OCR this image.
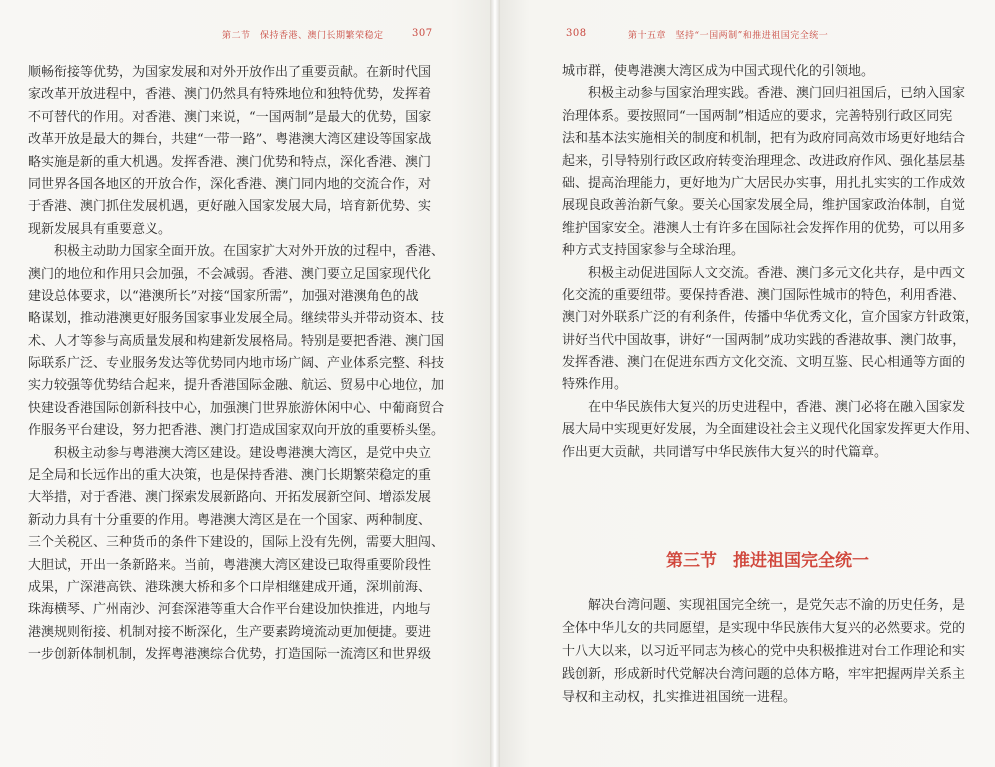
第二节　保持香港、澳门长期繁荣稳定	307
顺畅衔接等优势，为国家发展和对外开放作出了重要贡献。在新时代国
家改革开放进程中，香港、澳门仍然具有特殊地位和独特优势，发挥着
不可替代的作用。对香港、澳门来说，“一国两制”是最大的优势，国家
改革开放是最大的舞台，共建“一带一路”、粤港澳大湾区建设等国家战
略实施是新的重大机遇。发挥香港、澳门优势和特点，深化香港、澳门
同世界各国各地区的开放合作，深化香港、澳门同内地的交流合作，对
于香港、澳门抓住发展机遇，更好融入国家发展大局，培育新优势、实
现新发展具有重要意义。
积极主动助力国家全面开放。在国家扩大对外开放的过程中，香港、
澳门的地位和作用只会加强，不会减弱。香港、澳门要立足国家现代化
建设总体要求，以“港澳所长”对接“国家所需”，加强对港澳角色的战
略谋划，推动港澳更好服务国家事业发展全局。继续带头并带动资本、技
术、人才等参与高质量发展和构建新发展格局。特别是要把香港、澳门国
际联系广泛、专业服务发达等优势同内地市场广阔、产业体系完整、科技
实力较强等优势结合起来，提升香港国际金融、航运、贸易中心地位，加
快建设香港国际创新科技中心，加强澳门世界旅游休闲中心、中葡商贸合
作服务平台建设，努力把香港、澳门打造成国家双向开放的重要桥头堡。
积极主动参与粤港澳大湾区建设。建设粤港澳大湾区，是党中央立
足全局和长远作出的重大决策，也是保持香港、澳门长期繁荣稳定的重
大举措，对于香港、澳门探索发展新路向、开拓发展新空间、增添发展
新动力具有十分重要的作用。粤港澳大湾区是在一个国家、两种制度、
三个关税区、三种货币的条件下建设的，国际上没有先例，需要大胆闯、
大胆试，开出一条新路来。当前，粤港澳大湾区建设已取得重要阶段性
成果，广深港高铁、港珠澳大桥和多个口岸相继建成开通，深圳前海、
珠海横琴、广州南沙、河套深港等重大合作平台建设加快推进，内地与
港澳规则衔接、机制对接不断深化，生产要素跨境流动更加便捷。要进
一步创新体制机制，发挥粤港澳综合优势，打造国际一流湾区和世界级
308	第十五章　坚持“一国两制”和推进祖国完全统一
城市群，使粤港澳大湾区成为中国式现代化的引领地。
积极主动参与国家治理实践。香港、澳门回归祖国后，已纳入国家
治理体系。要按照同“一国两制”相适应的要求，完善特别行政区同宪
法和基本法实施相关的制度和机制，把有为政府同高效市场更好地结合
起来，引导特别行政区政府转变治理理念、改进政府作风、强化基层基
础、提高治理能力，更好地为广大居民办实事，用扎扎实实的工作成效
展现良政善治新气象。要关心国家发展全局，维护国家政治体制，自觉
维护国家安全。港澳人士有许多在国际社会发挥作用的优势，可以用多
种方式支持国家参与全球治理。
积极主动促进国际人文交流。香港、澳门多元文化共存，是中西文
化交流的重要纽带。要保持香港、澳门国际性城市的特色，利用香港、
澳门对外联系广泛的有利条件，传播中华优秀文化，宣介国家方针政策，
讲好当代中国故事，讲好“一国两制”成功实践的香港故事、澳门故事，
发挥香港、澳门在促进东西方文化交流、文明互鉴、民心相通等方面的
特殊作用。
在中华民族伟大复兴的历史进程中，香港、澳门必将在融入国家发
展大局中实现更好发展，为全面建设社会主义现代化国家发挥更大作用、
作出更大贡献，共同谱写中华民族伟大复兴的时代篇章。
第三节 推进祖国完全统一
解决台湾问题、实现祖国完全统一，是党矢志不渝的历史任务，是
全体中华儿女的共同愿望，是实现中华民族伟大复兴的必然要求。党的
十八大以来，以习近平同志为核心的党中央积极推进对台工作理论和实
践创新，形成新时代党解决台湾问题的总体方略，牢牢把握两岸关系主
导权和主动权，扎实推进祖国统一进程。
